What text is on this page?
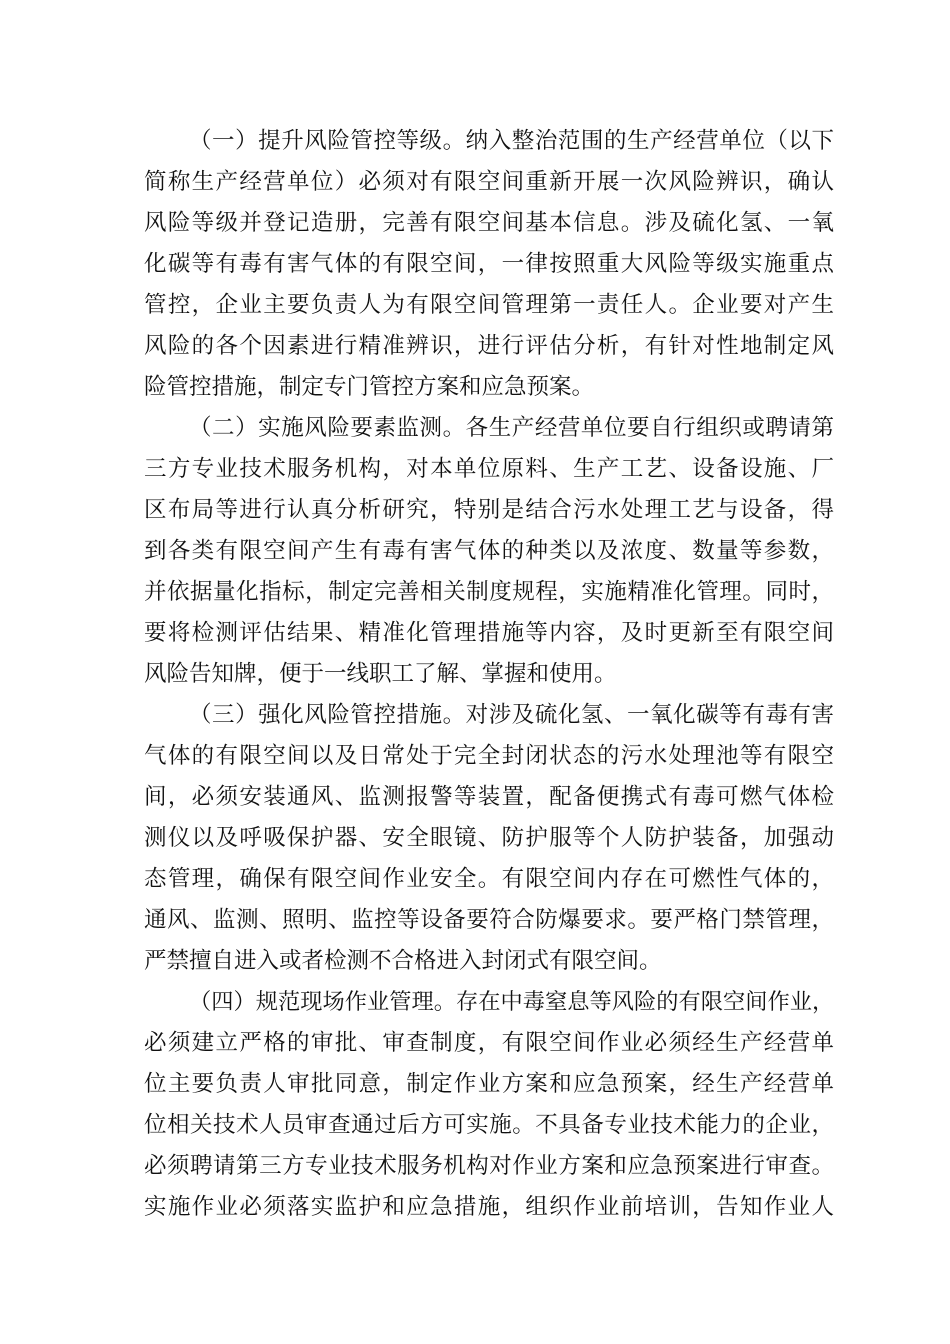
（一）提升风险管控等级。纳入整治范围的生产经营单位（以下
简称生产经营单位）必须对有限空间重新开展一次风险辨识，确认
风险等级并登记造册，完善有限空间基本信息。涉及硫化氢、一氧
化碳等有毒有害气体的有限空间，一律按照重大风险等级实施重点
管控，企业主要负责人为有限空间管理第一责任人。企业要对产生
风险的各个因素进行精准辨识，进行评估分析，有针对性地制定风
险管控措施，制定专门管控方案和应急预案。
（二）实施风险要素监测。各生产经营单位要自行组织或聘请第
三方专业技术服务机构，对本单位原料、生产工艺、设备设施、厂
区布局等进行认真分析研究，特别是结合污水处理工艺与设备，得
到各类有限空间产生有毒有害气体的种类以及浓度、数量等参数，
并依据量化指标，制定完善相关制度规程，实施精准化管理。同时，
要将检测评估结果、精准化管理措施等内容，及时更新至有限空间
风险告知牌，便于一线职工了解、掌握和使用。
（三）强化风险管控措施。对涉及硫化氢、一氧化碳等有毒有害
气体的有限空间以及日常处于完全封闭状态的污水处理池等有限空
间，必须安装通风、监测报警等装置，配备便携式有毒可燃气体检
测仪以及呼吸保护器、安全眼镜、防护服等个人防护装备，加强动
态管理，确保有限空间作业安全。有限空间内存在可燃性气体的，
通风、监测、照明、监控等设备要符合防爆要求。要严格门禁管理，
严禁擅自进入或者检测不合格进入封闭式有限空间。
（四）规范现场作业管理。存在中毒窒息等风险的有限空间作业，
必须建立严格的审批、审查制度，有限空间作业必须经生产经营单
位主要负责人审批同意，制定作业方案和应急预案，经生产经营单
位相关技术人员审查通过后方可实施。不具备专业技术能力的企业，
必须聘请第三方专业技术服务机构对作业方案和应急预案进行审查。
实施作业必须落实监护和应急措施，组织作业前培训，告知作业人
